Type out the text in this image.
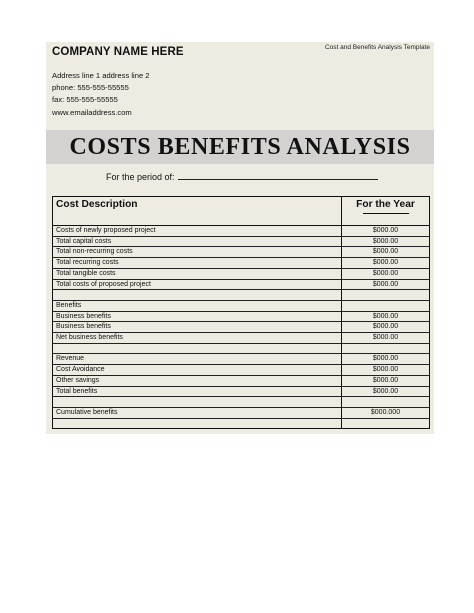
Cost and Benefits Analysis Template
COMPANY NAME HERE
Address line 1 address line 2
phone: 555-555-55555
fax: 555-555-55555
www.emailaddress.com
COSTS BENEFITS ANALYSIS
For the period of:
Cost Description	For the Year

Costs of newly proposed project	$000.00
Total capital costs	$000.00
Total non-recurring costs	$000.00
Total recurring costs	$000.00
Total tangible costs	$000.00
Total costs of proposed project	$000.00

Benefits	
Business benefits	$000.00
Business benefits	$000.00
Net business benefits	$000.00

Revenue	$000.00
Cost Avoidance	$000.00
Other savings	$000.00
Total benefits	$000.00

Cumulative benefits	$000.000
